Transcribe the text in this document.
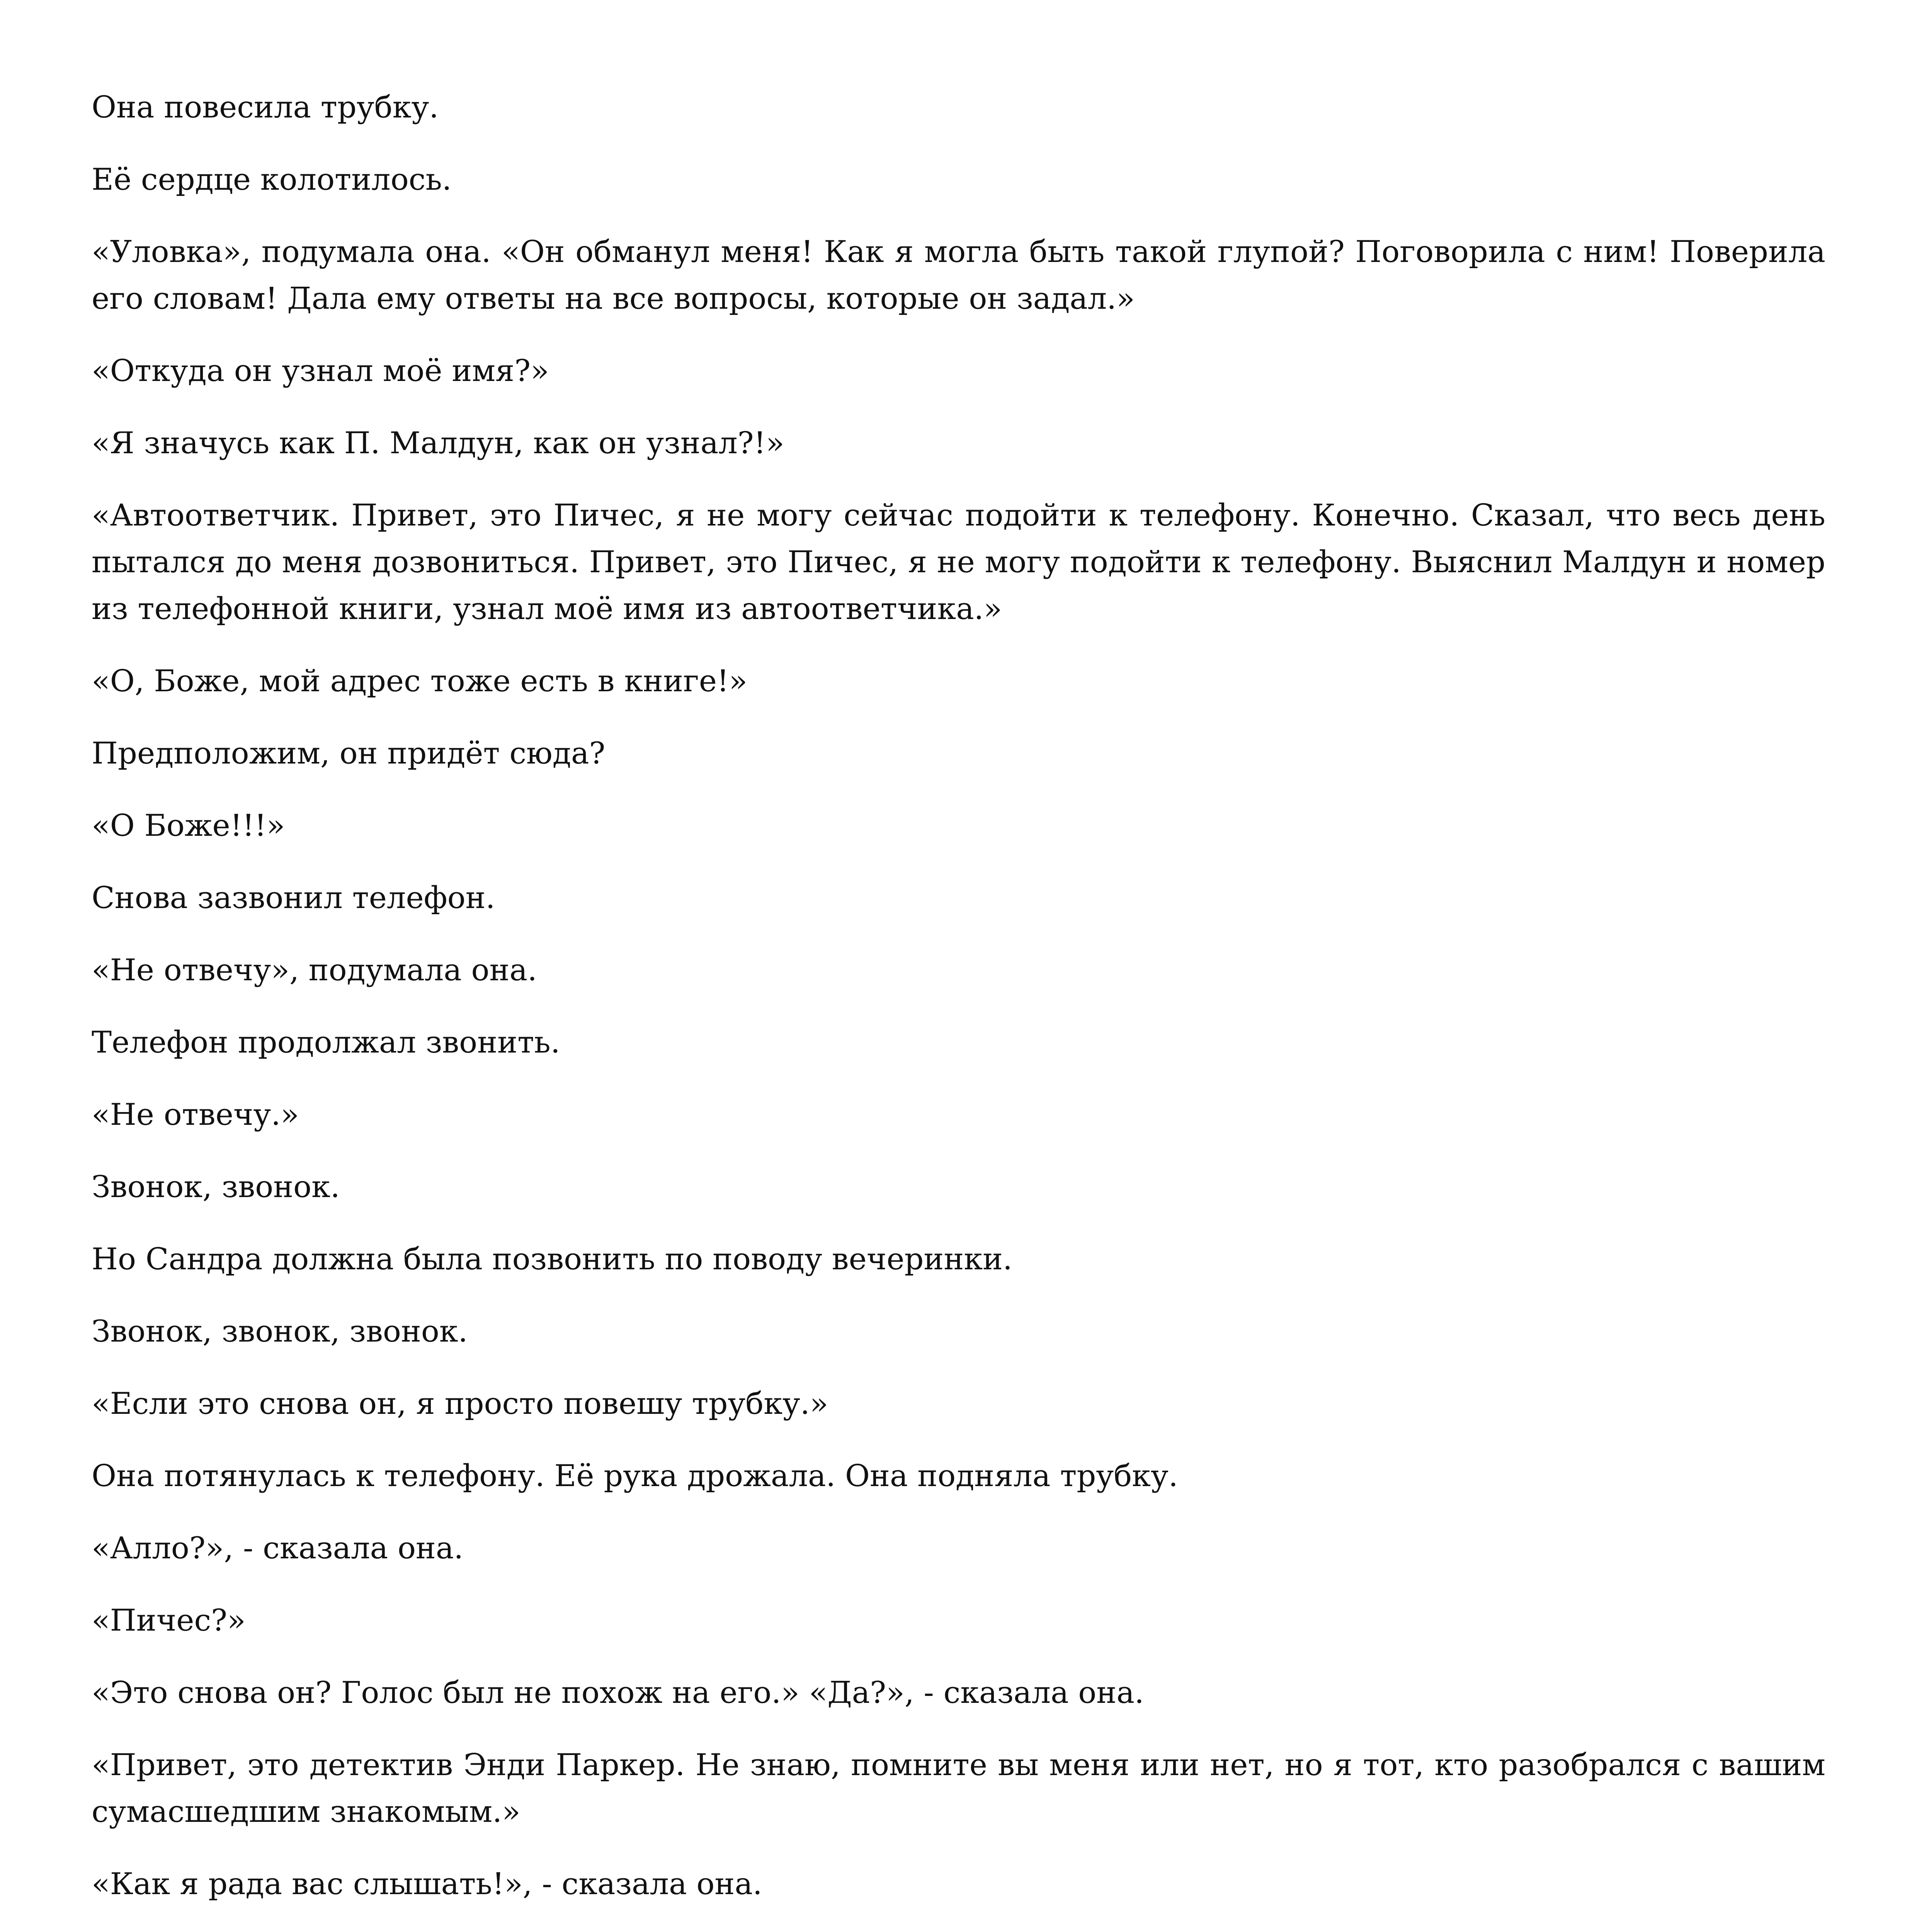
Она повесила трубку.

Её сердце колотилось.

«Уловка», подумала она. «Он обманул меня! Как я могла быть такой глупой? Поговорила с ним! Поверила его словам! Дала ему ответы на все вопросы, которые он задал.»

«Откуда он узнал моё имя?»

«Я значусь как П. Малдун, как он узнал?!»

«Автоответчик. Привет, это Пичес, я не могу сейчас подойти к телефону. Конечно. Сказал, что весь день пытался до меня дозвониться. Привет, это Пичес, я не могу подойти к телефону. Выяснил Малдун и номер из телефонной книги, узнал моё имя из автоответчика.»

«О, Боже, мой адрес тоже есть в книге!»

Предположим, он придёт сюда?

«О Боже!!!»

Снова зазвонил телефон.

«Не отвечу», подумала она.

Телефон продолжал звонить.

«Не отвечу.»

Звонок, звонок.

Но Сандра должна была позвонить по поводу вечеринки.

Звонок, звонок, звонок.

«Если это снова он, я просто повешу трубку.»

Она потянулась к телефону. Её рука дрожала. Она подняла трубку.

«Алло?», - сказала она.

«Пичес?»

«Это снова он? Голос был не похож на его.» «Да?», - сказала она.

«Привет, это детектив Энди Паркер. Не знаю, помните вы меня или нет, но я тот, кто разобрался с вашим сумасшедшим знакомым.»

«Как я рада вас слышать!», - сказала она.
